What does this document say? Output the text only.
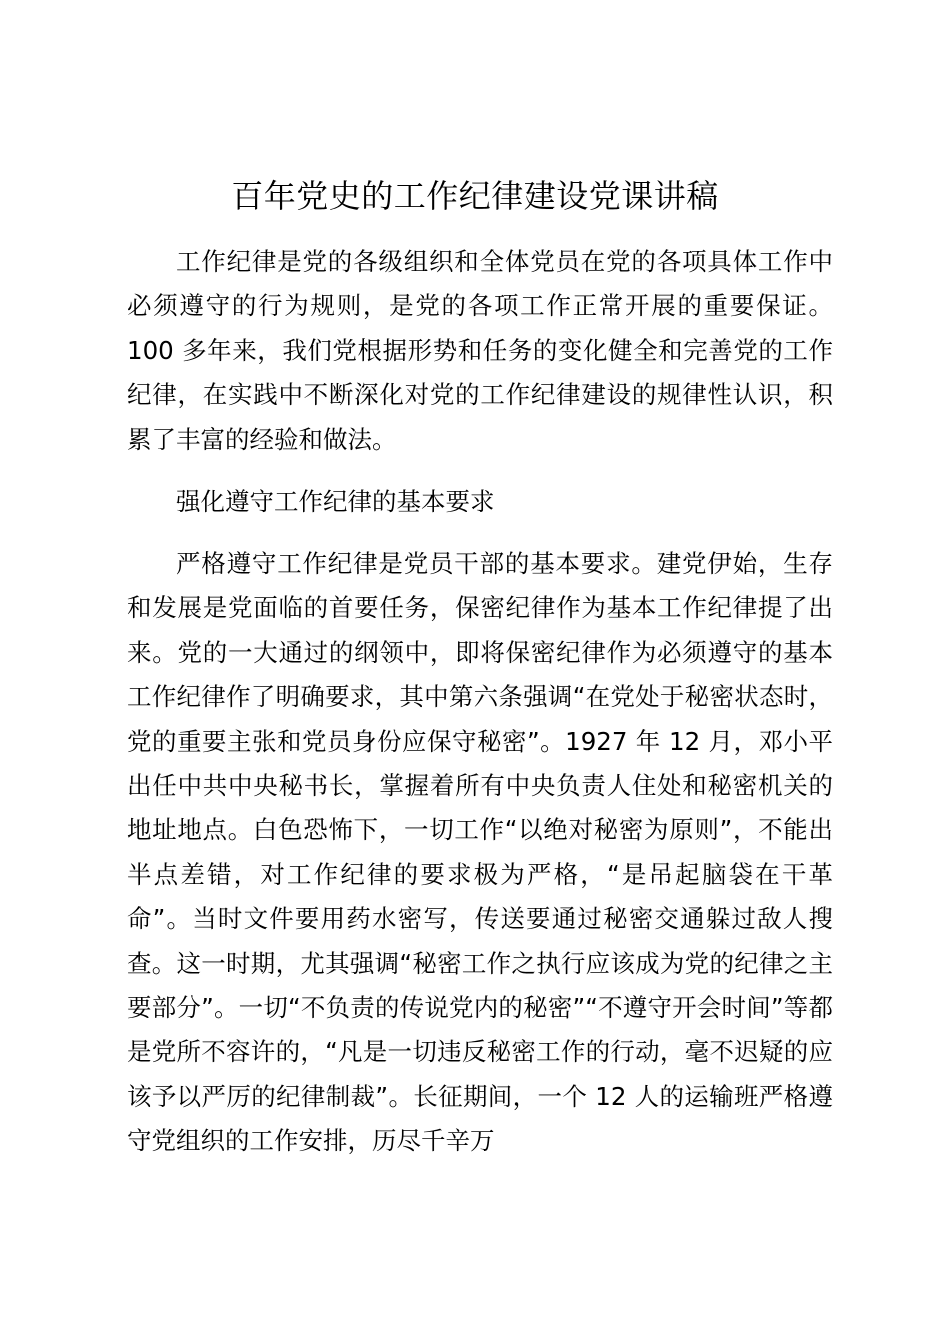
百年党史的工作纪律建设党课讲稿

工作纪律是党的各级组织和全体党员在党的各项具体工作中必须遵守的行为规则，是党的各项工作正常开展的重要保证。100 多年来，我们党根据形势和任务的变化健全和完善党的工作纪律，在实践中不断深化对党的工作纪律建设的规律性认识，积累了丰富的经验和做法。

强化遵守工作纪律的基本要求

严格遵守工作纪律是党员干部的基本要求。建党伊始，生存和发展是党面临的首要任务，保密纪律作为基本工作纪律提了出来。党的一大通过的纲领中，即将保密纪律作为必须遵守的基本工作纪律作了明确要求，其中第六条强调“在党处于秘密状态时，党的重要主张和党员身份应保守秘密”。1927 年 12 月，邓小平出任中共中央秘书长，掌握着所有中央负责人住处和秘密机关的地址地点。白色恐怖下，一切工作“以绝对秘密为原则”，不能出半点差错，对工作纪律的要求极为严格，“是吊起脑袋在干革命”。当时文件要用药水密写，传送要通过秘密交通躲过敌人搜查。这一时期，尤其强调“秘密工作之执行应该成为党的纪律之主要部分”。一切“不负责的传说党内的秘密”“不遵守开会时间”等都是党所不容许的，“凡是一切违反秘密工作的行动，毫不迟疑的应该予以严厉的纪律制裁”。长征期间，一个 12 人的运输班严格遵守党组织的工作安排，历尽千辛万
